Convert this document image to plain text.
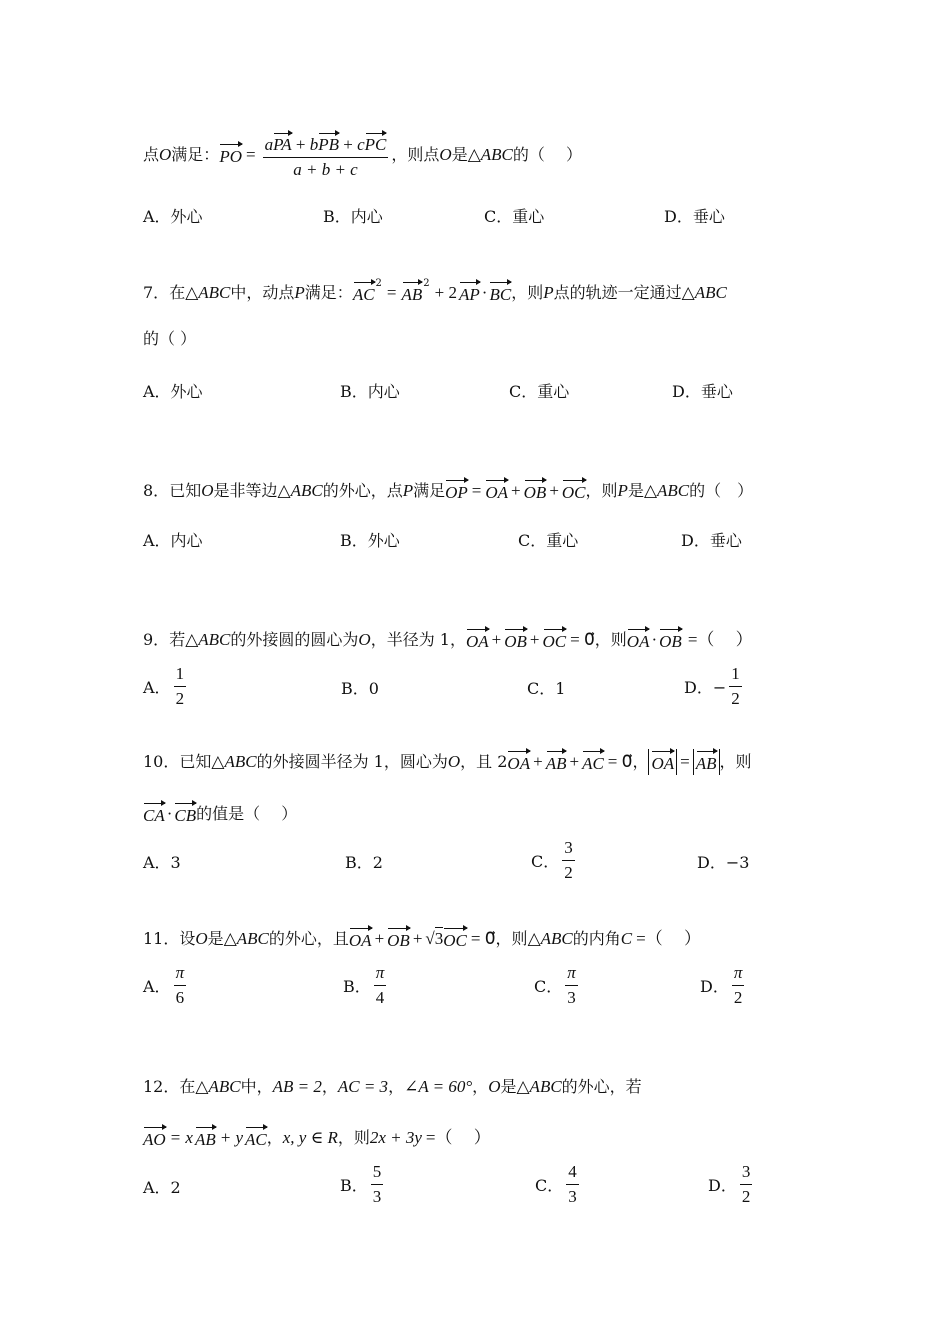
点 O 满足： PO = $\frac{\text{aPA + bPB + cPC}}{a + b + c}$ ，则点 O 是 △ABC 的（　 ）
A．外心	B．内心	C．重心	D．垂心
7． 在 △ABC 中，动点 P 满足： AC
2 = AB
2 + 2 AP · BC ，则 P 点的轨迹一定通过 △ABC
的（ ）
A．外心	B．内心	C．重心	D．垂心
8． 已知 O 是非等边 △ABC 的外心，点 P 满足 OP = OA + OB + OC ，则 P 是 △ABC 的（　）
A．内心	B．外心	C．重心	D．垂心
9． 若 △ABC 的外接圆的圆心为 O ，半径为 1， OA + OB + OC = 0⃗ ，则 OA · OB =（　 ）
A． $\frac{1}{2}$	B．0	C．1	D．− $\frac{1}{2}$
10． 已知 △ABC 的外接圆半径为 1，圆心为 O ，且 2 OA + AB + AC = 0⃗ ， OA = AB ，则
CA · CB 的值是（　 ）
A．3	B．2	C． $\frac{3}{2}$	D．−3
11． 设 O 是 △ABC 的外心，且 OA + OB + √3 OC = 0⃗ ，则 △ABC 的内角 C =（　 ）
A． $\frac{\pi}{6}$	B． $\frac{\pi}{4}$	C． $\frac{\pi}{3}$	D． $\frac{\pi}{2}$
12． 在 △ABC 中， AB = 2 ， AC = 3 ， ∠A = 60° ， O 是 △ABC 的外心，若
AO = x AB + y AC ， x, y ∈ R ，则 2x + 3y =（　 ）
A．2	B． $\frac{5}{3}$	C． $\frac{4}{3}$	D． $\frac{3}{2}$
